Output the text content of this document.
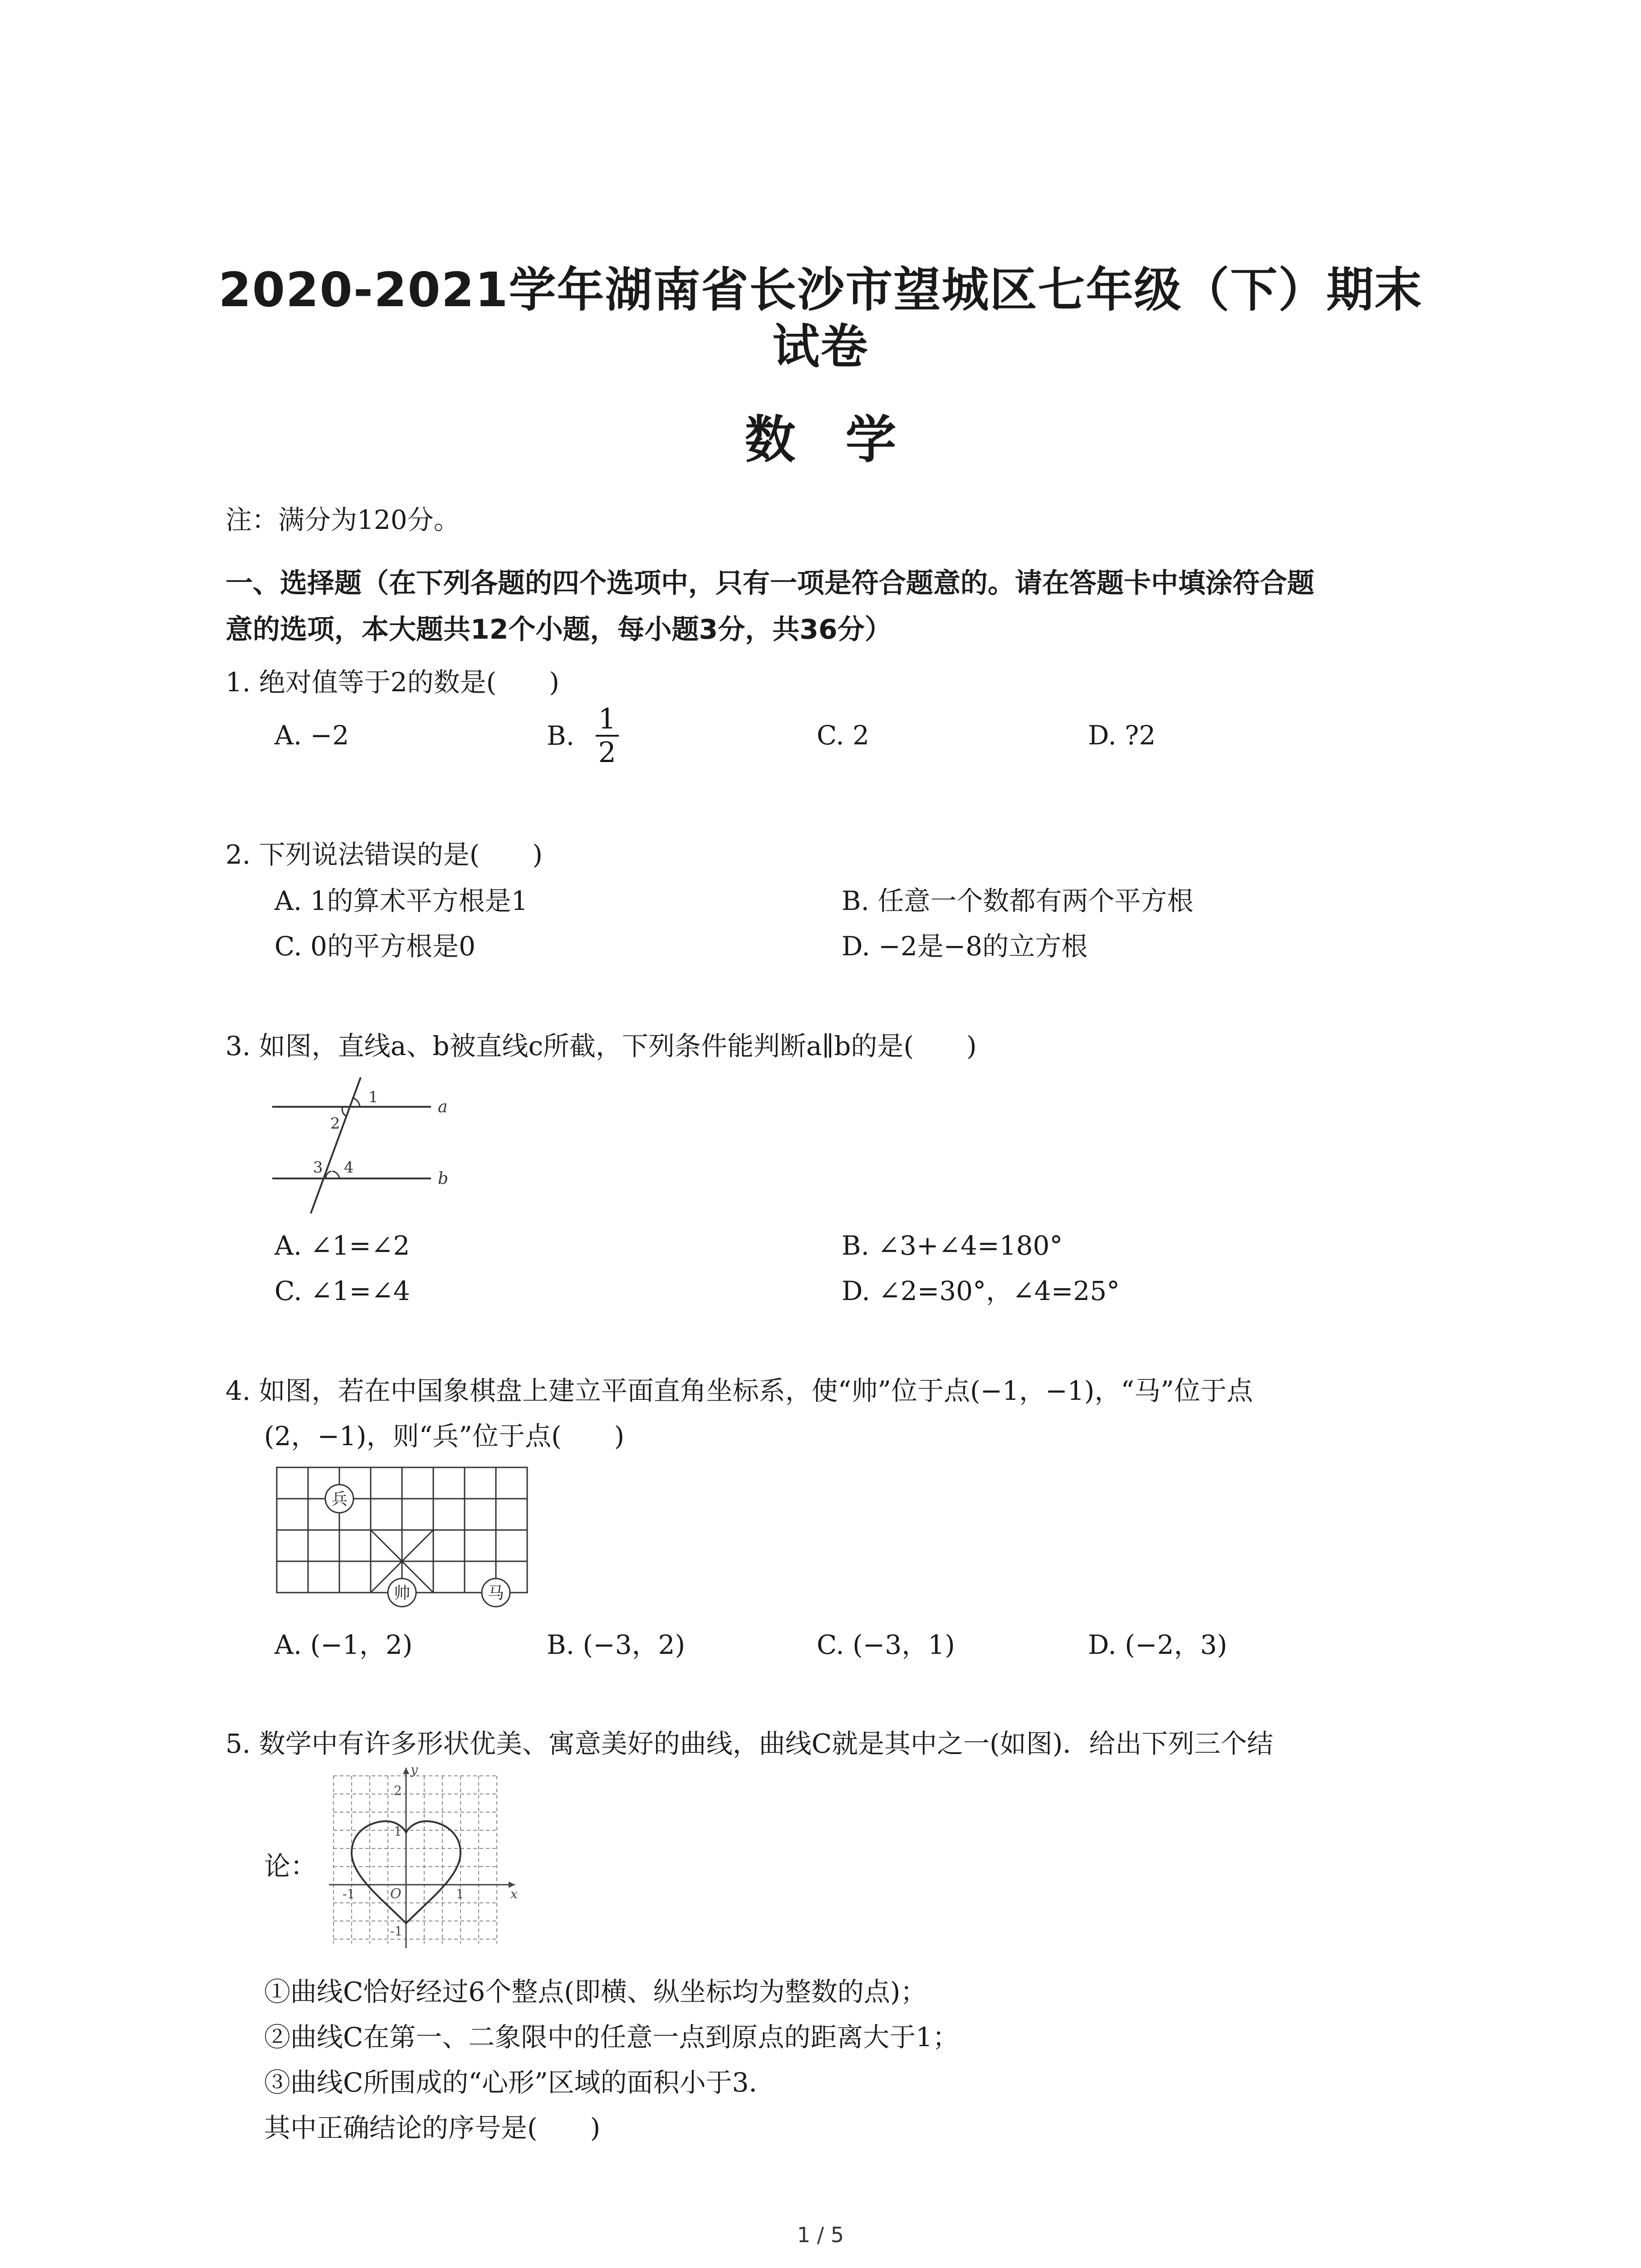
2020-2021学年湖南省长沙市望城区七年级（下）期末
试卷
数学
注：满分为120分。
一、选择题（在下列各题的四个选项中，只有一项是符合题意的。请在答题卡中填涂符合题
意的选项，本大题共12个小题，每小题3分，共36分）
1. 绝对值等于2的数是(　　)
A. −2	B. $\frac{1}{2}$	C. 2	D. ?2
2. 下列说法错误的是(　　)
A. 1的算术平方根是1	B. 任意一个数都有两个平方根
C. 0的平方根是0	D. −2是−8的立方根
3. 如图，直线a、b被直线c所截，下列条件能判断a∥b的是(　　)
1
2
3 4
a
b
A. ∠1=∠2	B. ∠3+∠4=180°
C. ∠1=∠4	D. ∠2=30°，∠4=25°
4. 如图，若在中国象棋盘上建立平面直角坐标系，使“帅”位于点(−1，−1)，“马”位于点
(2，−1)，则“兵”位于点(　　)
兵
帅	马
A. (−1，2)	B. (−3，2)	C. (−3，1)	D. (−2，3)
5. 数学中有许多形状优美、寓意美好的曲线，曲线C就是其中之一(如图)．给出下列三个结
论：
y
x
O
2
1
-1
-1	1
①曲线C恰好经过6个整点(即横、纵坐标均为整数的点)；
②曲线C在第一、二象限中的任意一点到原点的距离大于1；
③曲线C所围成的“心形”区域的面积小于3．
其中正确结论的序号是(　　)
1 / 5
